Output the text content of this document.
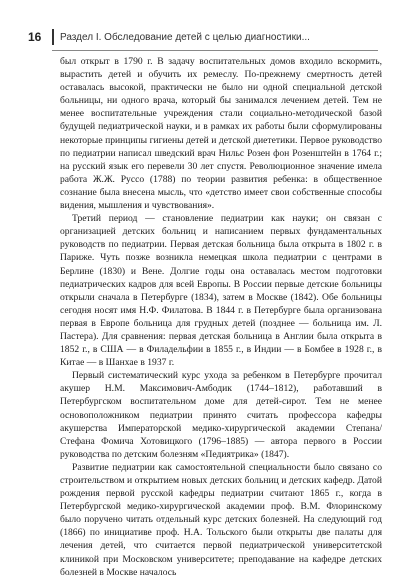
16	Раздел I. Обследование детей с целью диагностики...

был открыт в 1790 г. В задачу воспитательных домов входило вскормить, вырастить детей и обучить их ремеслу. По-прежнему смертность детей оставалась высокой, практически не было ни одной специальной детской больницы, ни одного врача, который бы занимался лечением детей. Тем не менее воспитательные учреждения стали социально-методической базой будущей педиатрической науки, и в рамках их работы были сформулированы некоторые принципы гигиены детей и детской диететики. Первое руководство по педиатрии написал шведский врач Нильс Розен фон Розенштейн в 1764 г.; на русский язык его перевели 30 лет спустя. Революционное значение имела работа Ж.Ж. Руссо (1788) по теории развития ребенка: в общественное сознание была внесена мысль, что «детство имеет свои собственные способы видения, мышления и чувствования».

Третий период — становление педиатрии как науки; он связан с организацией детских больниц и написанием первых фундаментальных руководств по педиатрии. Первая детская больница была открыта в 1802 г. в Париже. Чуть позже возникла немецкая школа педиатрии с центрами в Берлине (1830) и Вене. Долгие годы она оставалась местом подготовки педиатрических кадров для всей Европы. В России первые детские больницы открыли сначала в Петербурге (1834), затем в Москве (1842). Обе больницы сегодня носят имя Н.Ф. Филатова. В 1844 г. в Петербурге была организована первая в Европе больница для грудных детей (позднее — больница им. Л. Пастера). Для сравнения: первая детская больница в Англии была открыта в 1852 г., в США — в Филадельфии в 1855 г., в Индии — в Бомбее в 1928 г., в Китае — в Шанхае в 1937 г.

Первый систематический курс ухода за ребенком в Петербурге прочитал акушер Н.М. Максимович-Амбодик (1744–1812), работавший в Петербургском воспитательном доме для детей-сирот. Тем не менее основоположником педиатрии принято считать профессора кафедры акушерства Императорской медико-хирургической академии Степана/ Стефана Фомича Хотовицкого (1796–1885) — автора первого в России руководства по детским болезням «Педиятрика» (1847).

Развитие педиатрии как самостоятельной специальности было связано со строительством и открытием новых детских больниц и детских кафедр. Датой рождения первой русской кафедры педиатрии считают 1865 г., когда в Петербургской медико-хирургической академии проф. В.М. Флоринскому было поручено читать отдельный курс детских болезней. На следующий год (1866) по инициативе проф. Н.А. Тольского были открыты две палаты для лечения детей, что считается первой педиатрической университетской клиникой при Московском университете; преподавание на кафедре детских болезней в Москве началось
